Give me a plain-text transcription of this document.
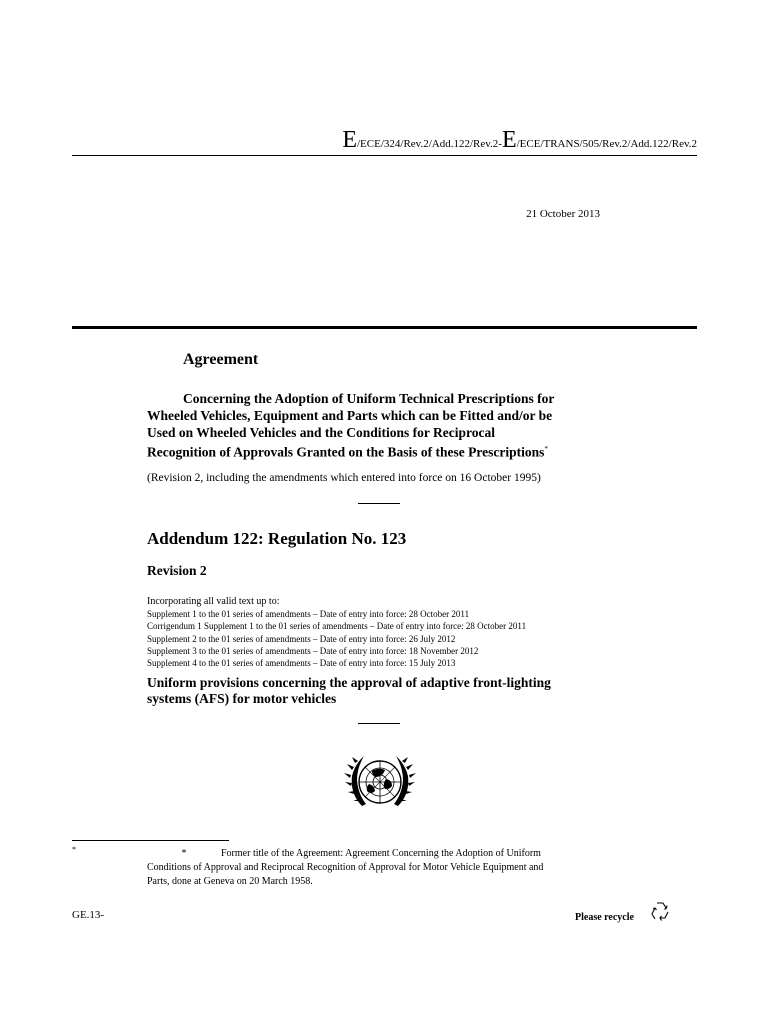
E/ECE/324/Rev.2/Add.122/Rev.2-E/ECE/TRANS/505/Rev.2/Add.122/Rev.2
21 October 2013
Agreement
Concerning the Adoption of Uniform Technical Prescriptions for
Wheeled Vehicles, Equipment and Parts which can be Fitted and/or be
Used on Wheeled Vehicles and the Conditions for Reciprocal
Recognition of Approvals Granted on the Basis of these Prescriptions*
(Revision 2, including the amendments which entered into force on 16 October 1995)
Addendum 122: Regulation No. 123
Revision 2
Incorporating all valid text up to:
Supplement 1 to the 01 series of amendments – Date of entry into force: 28 October 2011
Corrigendum 1 Supplement 1 to the 01 series of amendments – Date of entry into force: 28 October 2011
Supplement 2 to the 01 series of amendments – Date of entry into force: 26 July 2012
Supplement 3 to the 01 series of amendments – Date of entry into force: 18 November 2012
Supplement 4 to the 01 series of amendments – Date of entry into force: 15 July 2013
Uniform provisions concerning the approval of adaptive front-lighting
systems (AFS) for motor vehicles
*	*	Former title of the Agreement: Agreement Concerning the Adoption of Uniform
Conditions of Approval and Reciprocal Recognition of Approval for Motor Vehicle Equipment and
Parts, done at Geneva on 20 March 1958.
GE.13-	Please recycle
